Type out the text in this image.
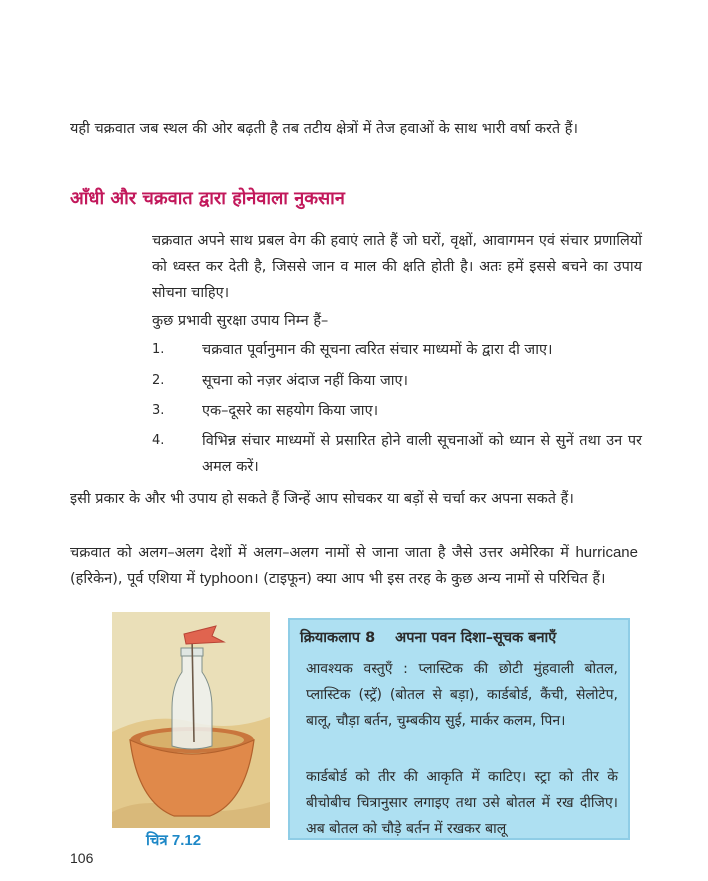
यही चक्रवात जब स्थल की ओर बढ़ती है तब तटीय क्षेत्रों में तेज हवाओं के साथ भारी वर्षा करते हैं।

आँधी और चक्रवात द्वारा होनेवाला नुकसान

चक्रवात अपने साथ प्रबल वेग की हवाएं लाते हैं जो घरों, वृक्षों, आवागमन एवं संचार प्रणालियों को ध्वस्त कर देती है, जिससे जान व माल की क्षति होती है। अतः हमें इससे बचने का उपाय सोचना चाहिए।

कुछ प्रभावी सुरक्षा उपाय निम्न हैं–

1.	चक्रवात पूर्वानुमान की सूचना त्वरित संचार माध्यमों के द्वारा दी जाए।
2.	सूचना को नज़र अंदाज नहीं किया जाए।
3.	एक–दूसरे का सहयोग किया जाए।
4.	विभिन्न संचार माध्यमों से प्रसारित होने वाली सूचनाओं को ध्यान से सुनें तथा उन पर अमल करें।

इसी प्रकार के और भी उपाय हो सकते हैं जिन्हें आप सोचकर या बड़ों से चर्चा कर अपना सकते हैं।

चक्रवात को अलग–अलग देशों में अलग–अलग नामों से जाना जाता है जैसे उत्तर अमेरिका में hurricane (हरिकेन), पूर्व एशिया में typhoon। (टाइफून) क्या आप भी इस तरह के कुछ अन्य नामों से परिचित हैं।

चित्र 7.12

क्रियाकलाप 8 अपना पवन दिशा–सूचक बनाएँ

आवश्यक वस्तुएँ : प्लास्टिक की छोटी मुंहवाली बोतल, प्लास्टिक (स्ट्रॅ) (बोतल से बड़ा), कार्डबोर्ड, कैंची, सेलोटेप, बालू, चौड़ा बर्तन, चुम्बकीय सुई, मार्कर कलम, पिन।

कार्डबोर्ड को तीर की आकृति में काटिए। स्ट्रा को तीर के बीचोबीच चित्रानुसार लगाइए तथा उसे बोतल में रख दीजिए। अब बोतल को चौड़े बर्तन में रखकर बालू

106
